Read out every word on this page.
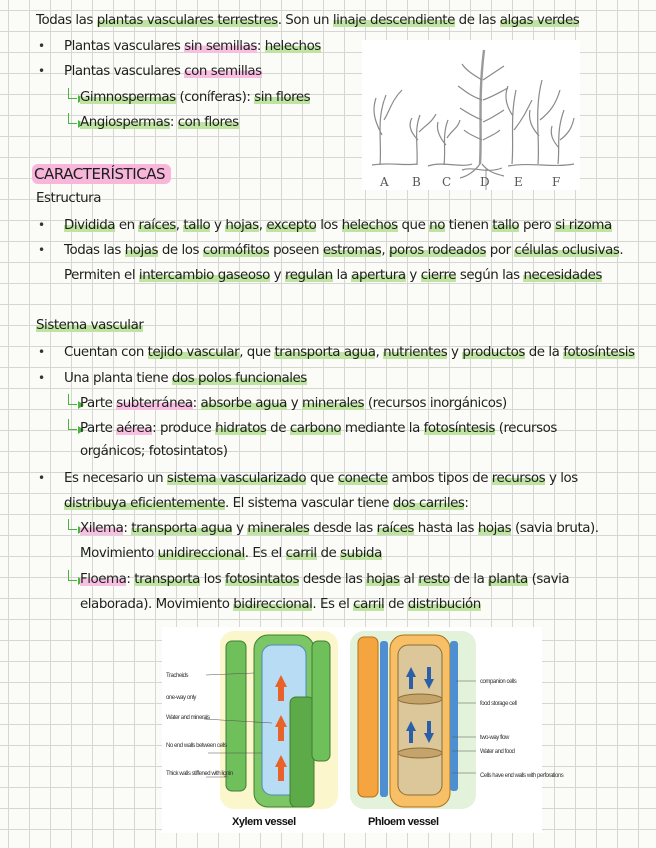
Todas las plantas vasculares terrestres. Son un linaje descendiente de las algas verdes
• Plantas vasculares sin semillas: helechos
• Plantas vasculares con semillas
Gimnospermas (coníferas): sin flores
Angiospermas: con flores
A B C D E F
CARACTERÍSTICAS
Estructura
• Dividida en raíces, tallo y hojas, excepto los helechos que no tienen tallo pero si rizoma
• Todas las hojas de los cormófitos poseen estromas, poros rodeados por células oclusivas.
Permiten el intercambio gaseoso y regulan la apertura y cierre según las necesidades
Sistema vascular
• Cuentan con tejido vascular, que transporta agua, nutrientes y productos de la fotosíntesis
• Una planta tiene dos polos funcionales
Parte subterránea: absorbe agua y minerales (recursos inorgánicos)
Parte aérea: produce hidratos de carbono mediante la fotosíntesis (recursos
orgánicos; fotosintatos)
• Es necesario un sistema vascularizado que conecte ambos tipos de recursos y los
distribuya eficientemente. El sistema vascular tiene dos carriles:
Xilema: transporta agua y minerales desde las raíces hasta las hojas (savia bruta).
Movimiento unidireccional. Es el carril de subida
Floema: transporta los fotosintatos desde las hojas al resto de la planta (savia
elaborada). Movimiento bidireccional. Es el carril de distribución
Tracheids
one-way only
Water and minerals
No end walls between cells
Thick walls stiffened with lignin
companion cells
food storage cell
two-way flow
Water and food
Cells have end walls with perforations
Xylem vessel	Phloem vessel
